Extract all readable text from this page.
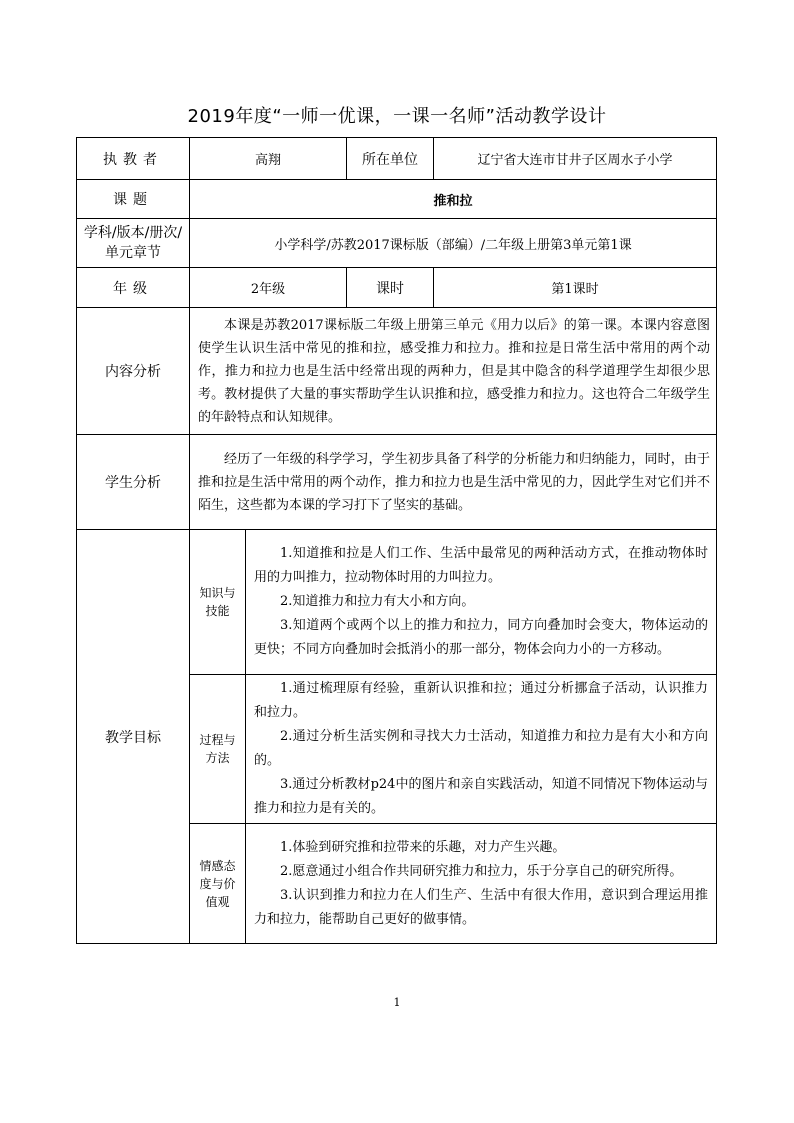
2019年度“一师一优课，一课一名师”活动教学设计
执教者	高翔		所在单位	辽宁省大连市甘井子区周水子小学
课题	推和拉			
学科/版本/册次/单元章节	小学科学/苏教2017课标版（部编）/二年级上册第3单元第1课			
年级	2年级		课时	第1课时
内容分析	本课是苏教2017课标版二年级上册第三单元《用力以后》的第一课。本课内容意图使学生认识生活中常见的推和拉，感受推力和拉力。推和拉是日常生活中常用的两个动作，推力和拉力也是生活中经常出现的两种力，但是其中隐含的科学道理学生却很少思考。教材提供了大量的事实帮助学生认识推和拉，感受推力和拉力。这也符合二年级学生的年龄特点和认知规律。			

学生分析	经历了一年级的科学学习，学生初步具备了科学的分析能力和归纳能力，同时，由于推和拉是生活中常用的两个动作，推力和拉力也是生活中常见的力，因此学生对它们并不陌生，这些都为本课的学习打下了坚实的基础。			

教学目标	知识与技能	1.知道推和拉是人们工作、生活中最常见的两种活动方式，在推动物体时用的力叫推力，拉动物体时用的力叫拉力。

2.知道推力和拉力有大小和方向。

3.知道两个或两个以上的推力和拉力，同方向叠加时会变大，物体运动的更快；不同方向叠加时会抵消小的那一部分，物体会向力小的一方移动。		

	过程与方法	1.通过梳理原有经验，重新认识推和拉；通过分析挪盒子活动，认识推力和拉力。

2.通过分析生活实例和寻找大力士活动，知道推力和拉力是有大小和方向的。

3.通过分析教材p24中的图片和亲自实践活动，知道不同情况下物体运动与推力和拉力是有关的。		

	情感态度与价值观	1.体验到研究推和拉带来的乐趣，对力产生兴趣。

2.愿意通过小组合作共同研究推力和拉力，乐于分享自己的研究所得。

3.认识到推力和拉力在人们生产、生活中有很大作用，意识到合理运用推力和拉力，能帮助自己更好的做事情。		

1
